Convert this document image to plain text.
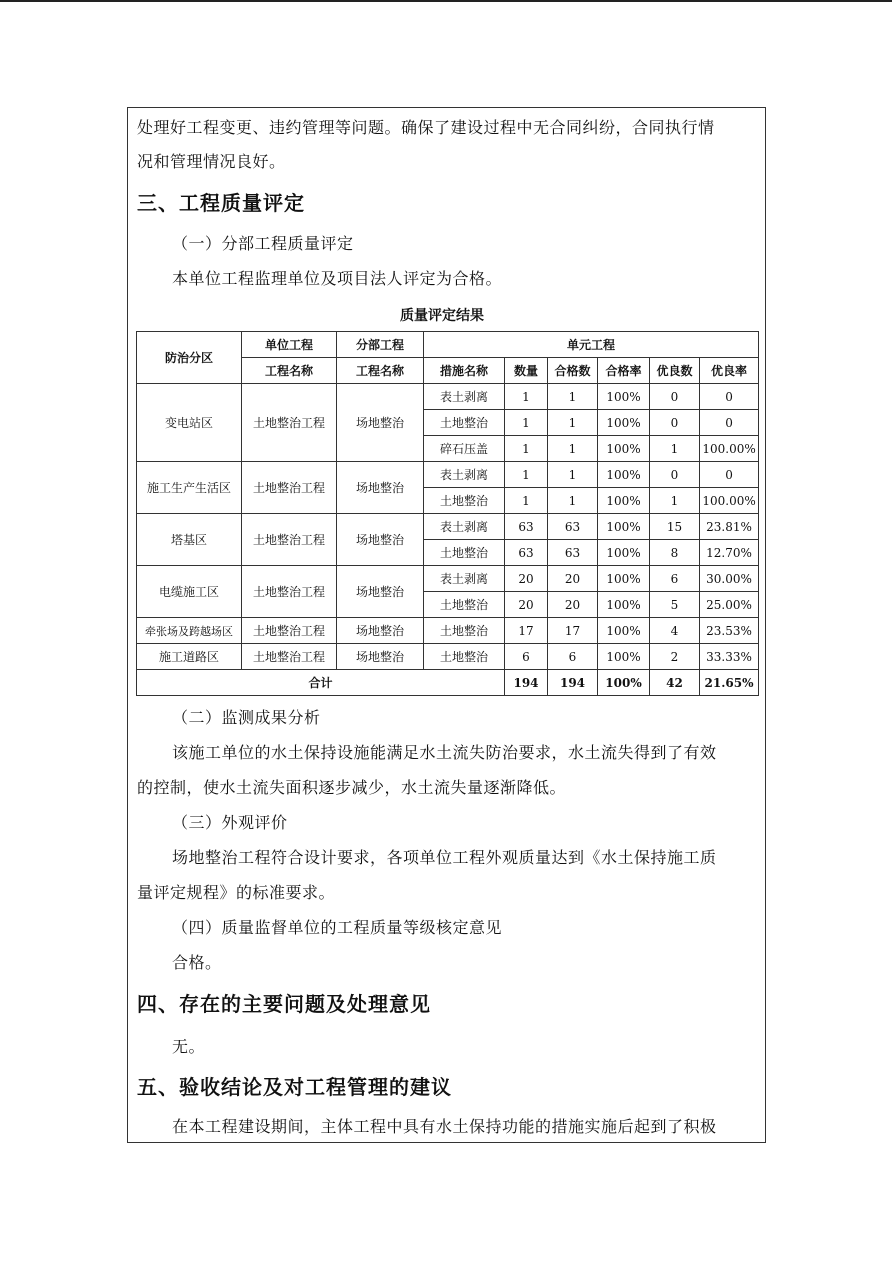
处理好工程变更、违约管理等问题。确保了建设过程中无合同纠纷，合同执行情
况和管理情况良好。
三、工程质量评定
（一）分部工程质量评定
本单位工程监理单位及项目法人评定为合格。
质量评定结果
防治分区	单位工程	分部工程	单元工程					
	工程名称	工程名称	措施名称	数量	合格数	合格率	优良数	优良率
变电站区	土地整治工程	场地整治	表土剥离	1	1	100%	0	0
			土地整治	1	1	100%	0	0
			碎石压盖	1	1	100%	1	100.00%
施工生产生活区	土地整治工程	场地整治	表土剥离	1	1	100%	0	0
			土地整治	1	1	100%	1	100.00%
塔基区	土地整治工程	场地整治	表土剥离	63	63	100%	15	23.81%
			土地整治	63	63	100%	8	12.70%
电缆施工区	土地整治工程	场地整治	表土剥离	20	20	100%	6	30.00%
			土地整治	20	20	100%	5	25.00%
牵张场及跨越场区	土地整治工程	场地整治	土地整治	17	17	100%	4	23.53%
施工道路区	土地整治工程	场地整治	土地整治	6	6	100%	2	33.33%
合计				194	194	100%	42	21.65%
（二）监测成果分析
该施工单位的水土保持设施能满足水土流失防治要求，水土流失得到了有效
的控制，使水土流失面积逐步减少，水土流失量逐渐降低。
（三）外观评价
场地整治工程符合设计要求，各项单位工程外观质量达到《水土保持施工质
量评定规程》的标准要求。
（四）质量监督单位的工程质量等级核定意见
合格。
四、存在的主要问题及处理意见
无。
五、验收结论及对工程管理的建议
在本工程建设期间，主体工程中具有水土保持功能的措施实施后起到了积极
